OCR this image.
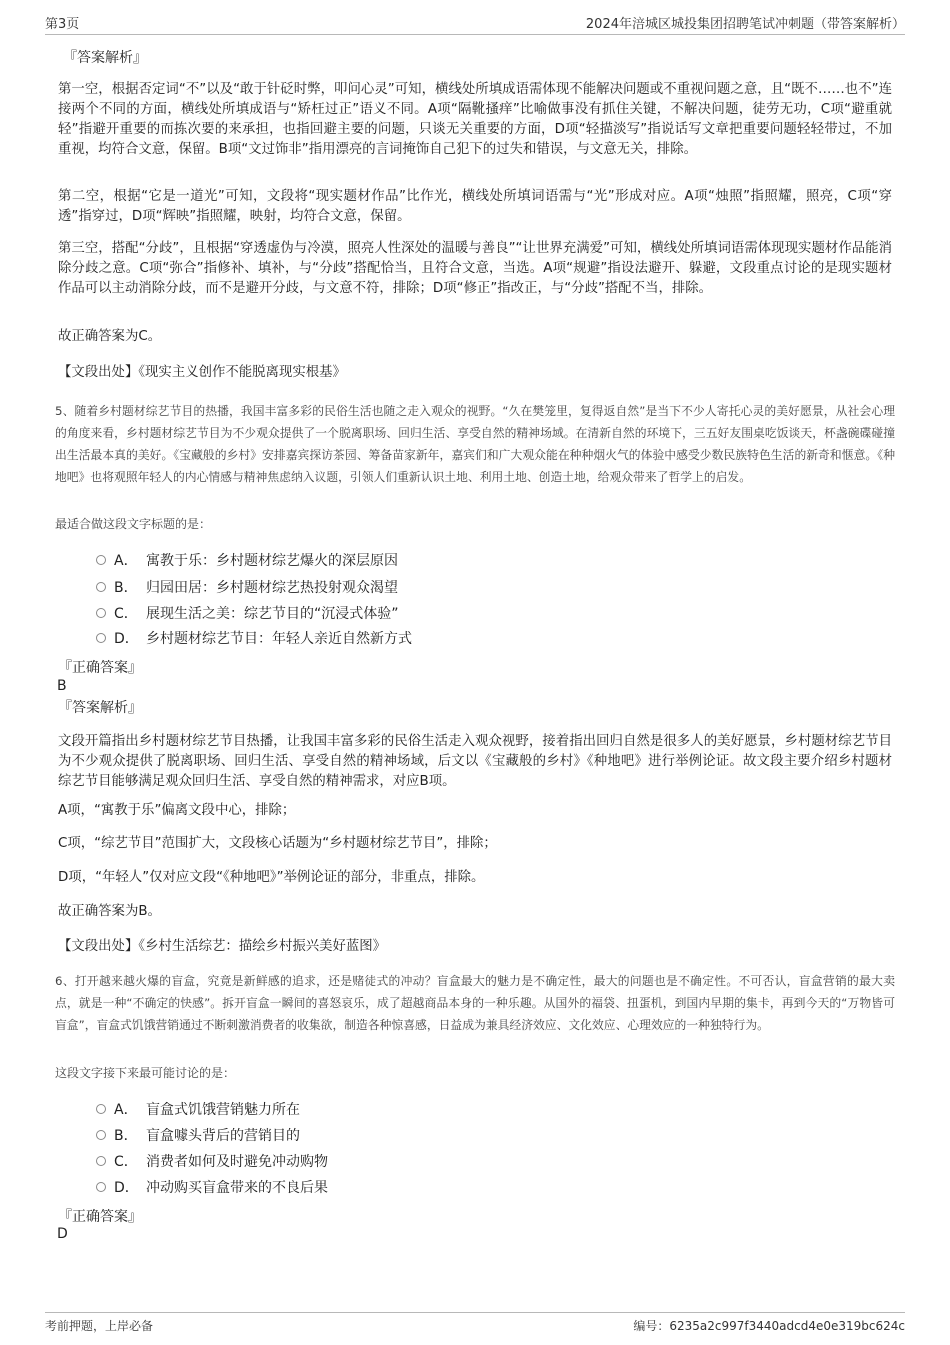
第3页	2024年涪城区城投集团招聘笔试冲刺题（带答案解析）
『答案解析』

第一空，根据否定词“不”以及“敢于针砭时弊，叩问心灵”可知，横线处所填成语需体现不能解决问题或不重视问题之意，且“既不……也不”连接两个不同的方面，横线处所填成语与“矫枉过正”语义不同。A项“隔靴搔痒”比喻做事没有抓住关键，不解决问题，徒劳无功，C项“避重就轻”指避开重要的而拣次要的来承担，也指回避主要的问题，只谈无关重要的方面，D项“轻描淡写”指说话写文章把重要问题轻轻带过，不加重视，均符合文意，保留。B项“文过饰非”指用漂亮的言词掩饰自己犯下的过失和错误，与文意无关，排除。

第二空，根据“它是一道光”可知，文段将“现实题材作品”比作光，横线处所填词语需与“光”形成对应。A项“烛照”指照耀，照亮，C项“穿透”指穿过，D项“辉映”指照耀，映射，均符合文意，保留。

第三空，搭配“分歧”，且根据“穿透虚伪与冷漠，照亮人性深处的温暖与善良”“让世界充满爱”可知，横线处所填词语需体现现实题材作品能消除分歧之意。C项“弥合”指修补、填补，与“分歧”搭配恰当，且符合文意，当选。A项“规避”指设法避开、躲避，文段重点讨论的是现实题材作品可以主动消除分歧，而不是避开分歧，与文意不符，排除；D项“修正”指改正，与“分歧”搭配不当，排除。

故正确答案为C。

【文段出处】《现实主义创作不能脱离现实根基》

5、随着乡村题材综艺节目的热播，我国丰富多彩的民俗生活也随之走入观众的视野。“久在樊笼里，复得返自然”是当下不少人寄托心灵的美好愿景，从社会心理的角度来看，乡村题材综艺节目为不少观众提供了一个脱离职场、回归生活、享受自然的精神场域。在清新自然的环境下，三五好友围桌吃饭谈天，杯盏碗碟碰撞出生活最本真的美好。《宝藏般的乡村》安排嘉宾探访茶园、筹备苗家新年，嘉宾们和广大观众能在种种烟火气的体验中感受少数民族特色生活的新奇和惬意。《种地吧》也将观照年轻人的内心情感与精神焦虑纳入议题，引领人们重新认识土地、利用土地、创造土地，给观众带来了哲学上的启发。

最适合做这段文字标题的是：
A． 寓教于乐：乡村题材综艺爆火的深层原因
B． 归园田居：乡村题材综艺热投射观众渴望
C． 展现生活之美：综艺节目的“沉浸式体验”
D． 乡村题材综艺节目：年轻人亲近自然新方式
『正确答案』
B
『答案解析』

文段开篇指出乡村题材综艺节目热播，让我国丰富多彩的民俗生活走入观众视野，接着指出回归自然是很多人的美好愿景，乡村题材综艺节目为不少观众提供了脱离职场、回归生活、享受自然的精神场域，后文以《宝藏般的乡村》《种地吧》进行举例论证。故文段主要介绍乡村题材综艺节目能够满足观众回归生活、享受自然的精神需求，对应B项。

A项，“寓教于乐”偏离文段中心，排除；

C项，“综艺节目”范围扩大，文段核心话题为“乡村题材综艺节目”，排除；

D项，“年轻人”仅对应文段“《种地吧》”举例论证的部分，非重点，排除。

故正确答案为B。

【文段出处】《乡村生活综艺：描绘乡村振兴美好蓝图》

6、打开越来越火爆的盲盒，究竟是新鲜感的追求，还是赌徒式的冲动？盲盒最大的魅力是不确定性，最大的问题也是不确定性。不可否认，盲盒营销的最大卖点，就是一种“不确定的快感”。拆开盲盒一瞬间的喜怒哀乐，成了超越商品本身的一种乐趣。从国外的福袋、扭蛋机，到国内早期的集卡，再到今天的“万物皆可盲盒”，盲盒式饥饿营销通过不断刺激消费者的收集欲，制造各种惊喜感，日益成为兼具经济效应、文化效应、心理效应的一种独特行为。

这段文字接下来最可能讨论的是：
A． 盲盒式饥饿营销魅力所在
B． 盲盒噱头背后的营销目的
C． 消费者如何及时避免冲动购物
D． 冲动购买盲盒带来的不良后果
『正确答案』
D
考前押题，上岸必备	编号：6235a2c997f3440adcd4e0e319bc624c
